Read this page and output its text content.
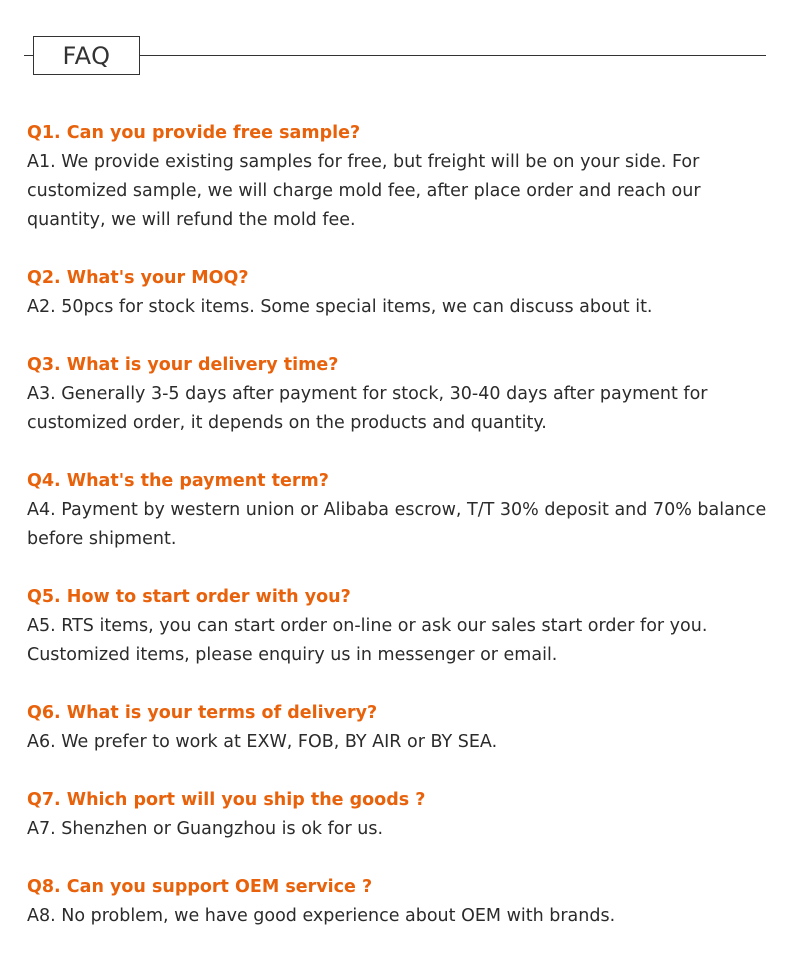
FAQ
Q1. Can you provide free sample?
A1. We provide existing samples for free, but freight will be on your side. For customized sample, we will charge mold fee, after place order and reach our quantity, we will refund the mold fee.
Q2. What's your MOQ?
A2. 50pcs for stock items. Some special items, we can discuss about it.
Q3. What is your delivery time?
A3. Generally 3-5 days after payment for stock, 30-40 days after payment for customized order, it depends on the products and quantity.
Q4. What's the payment term?
A4. Payment by western union or Alibaba escrow, T/T 30% deposit and 70% balance before shipment.
Q5. How to start order with you?
A5. RTS items, you can start order on-line or ask our sales start order for you. Customized items, please enquiry us in messenger or email.
Q6. What is your terms of delivery?
A6. We prefer to work at EXW, FOB, BY AIR or BY SEA.
Q7. Which port will you ship the goods ?
A7. Shenzhen or Guangzhou is ok for us.
Q8. Can you support OEM service ?
A8. No problem, we have good experience about OEM with brands.
